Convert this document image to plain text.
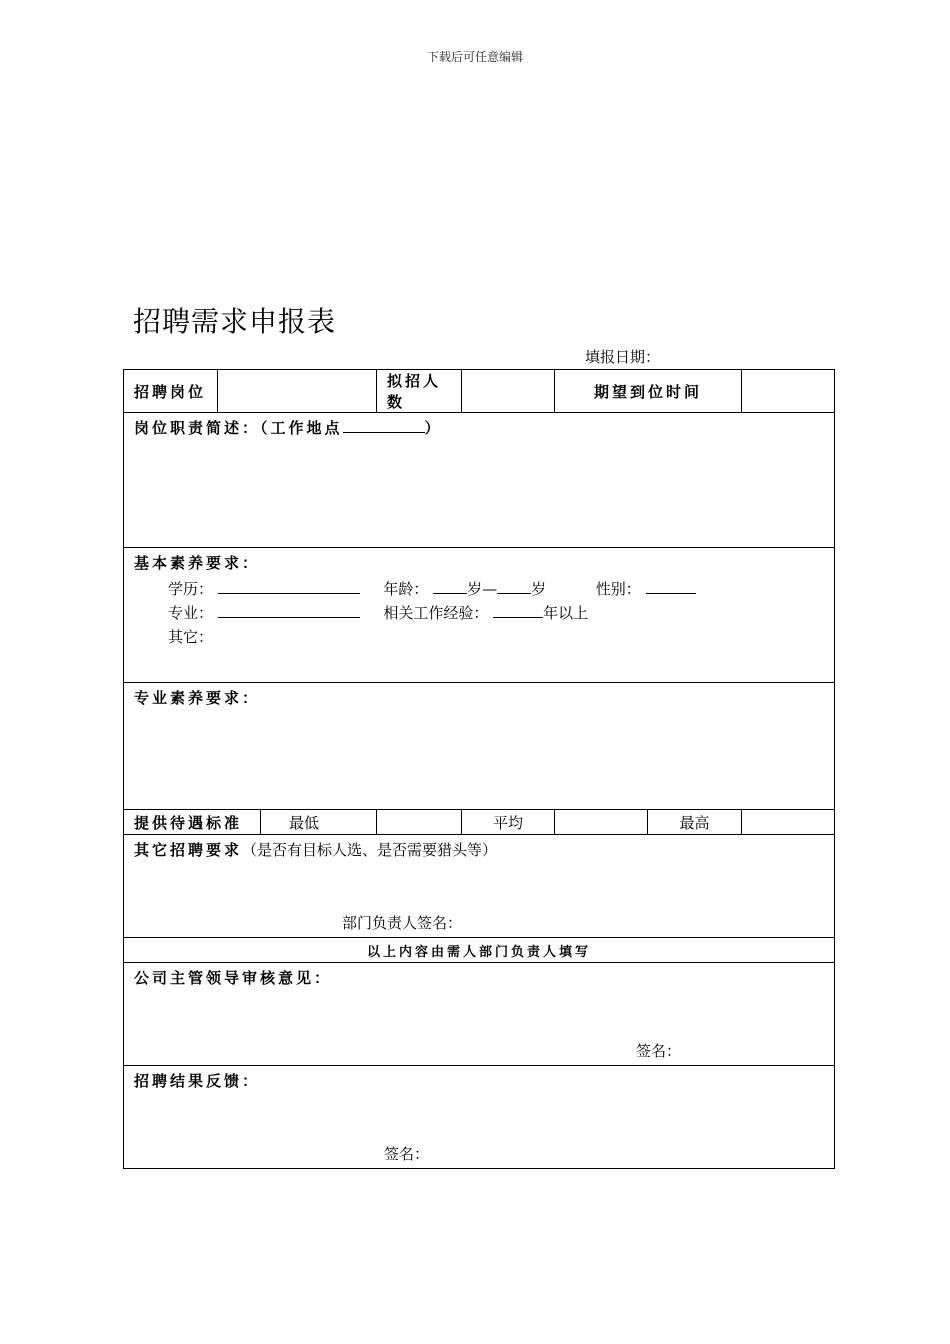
下载后可任意编辑
招聘需求申报表
填报日期：
招聘岗位			拟招人数		期望到位时间		
岗位职责简述：（工作地点 ）							

基本素养要求：
学历： 年龄： 岁— 岁 性别：
专业： 相关工作经验： 年以上
其它：							

专业素养要求：							
提供待遇标准		最低		平均		最高	
其它招聘要求（是否有目标人选、是否需要猎头等）
部门负责人签名：							

以上内容由需人部门负责人填写							
公司主管领导审核意见：
签名：							

招聘结果反馈：
签名：							
